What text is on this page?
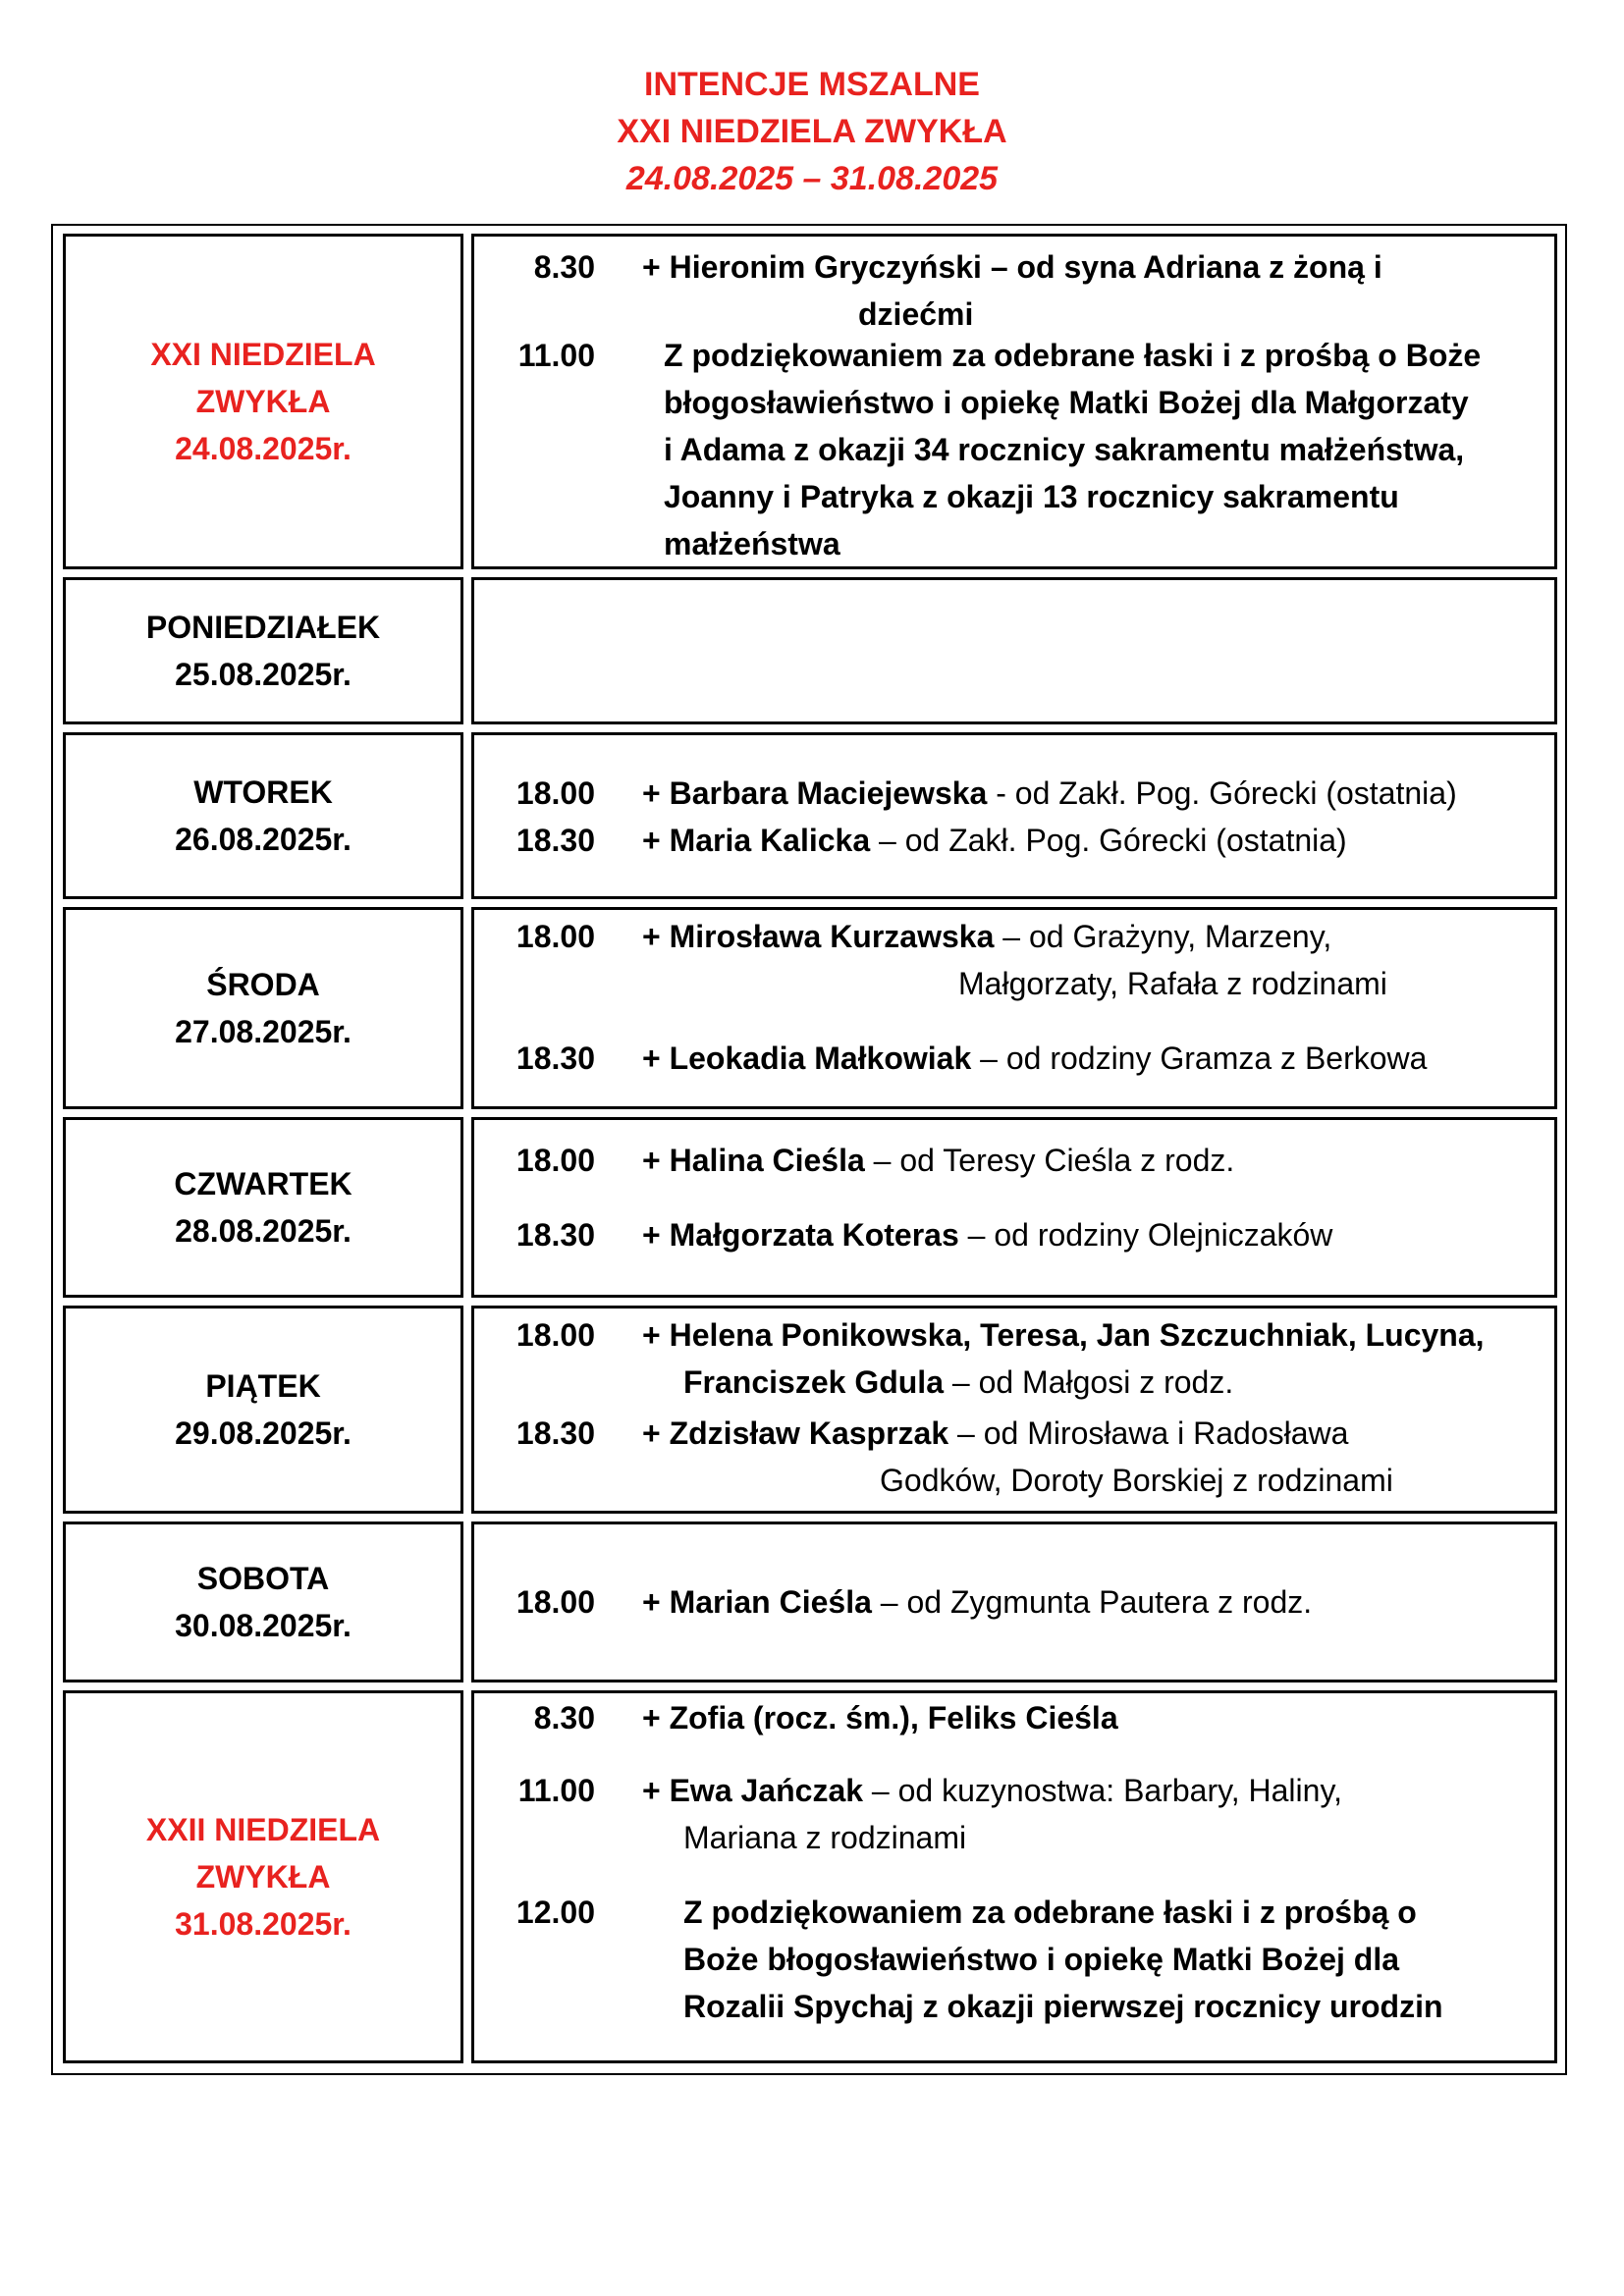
INTENCJE MSZALNE
XXI NIEDZIELA ZWYKŁA
24.08.2025 – 31.08.2025
XXI NIEDZIELA
ZWYKŁA
24.08.2025r.
8.30 + Hieronim Gryczyński – od syna Adriana z żoną i
dziećmi
11.00 Z podziękowaniem za odebrane łaski i z prośbą o Boże
błogosławieństwo i opiekę Matki Bożej dla Małgorzaty
i Adama z okazji 34 rocznicy sakramentu małżeństwa,
Joanny i Patryka z okazji 13 rocznicy sakramentu
małżeństwa
PONIEDZIAŁEK
25.08.2025r.
WTOREK
26.08.2025r.
18.00 + Barbara Maciejewska - od Zakł. Pog. Górecki (ostatnia)
18.30 + Maria Kalicka – od Zakł. Pog. Górecki (ostatnia)
ŚRODA
27.08.2025r.
18.00 + Mirosława Kurzawska – od Grażyny, Marzeny,
Małgorzaty, Rafała z rodzinami
18.30 + Leokadia Małkowiak – od rodziny Gramza z Berkowa
CZWARTEK
28.08.2025r.
18.00 + Halina Cieśla – od Teresy Cieśla z rodz.
18.30 + Małgorzata Koteras – od rodziny Olejniczaków
PIĄTEK
29.08.2025r.
18.00 + Helena Ponikowska, Teresa, Jan Szczuchniak, Lucyna,
Franciszek Gdula – od Małgosi z rodz.
18.30 + Zdzisław Kasprzak – od Mirosława i Radosława
Godków, Doroty Borskiej z rodzinami
SOBOTA
30.08.2025r.
18.00 + Marian Cieśla – od Zygmunta Pautera z rodz.
XXII NIEDZIELA
ZWYKŁA
31.08.2025r.
8.30 + Zofia (rocz. śm.), Feliks Cieśla
11.00 + Ewa Jańczak – od kuzynostwa: Barbary, Haliny,
Mariana z rodzinami
12.00	Z podziękowaniem za odebrane łaski i z prośbą o
Boże błogosławieństwo i opiekę Matki Bożej dla
Rozalii Spychaj z okazji pierwszej rocznicy urodzin
